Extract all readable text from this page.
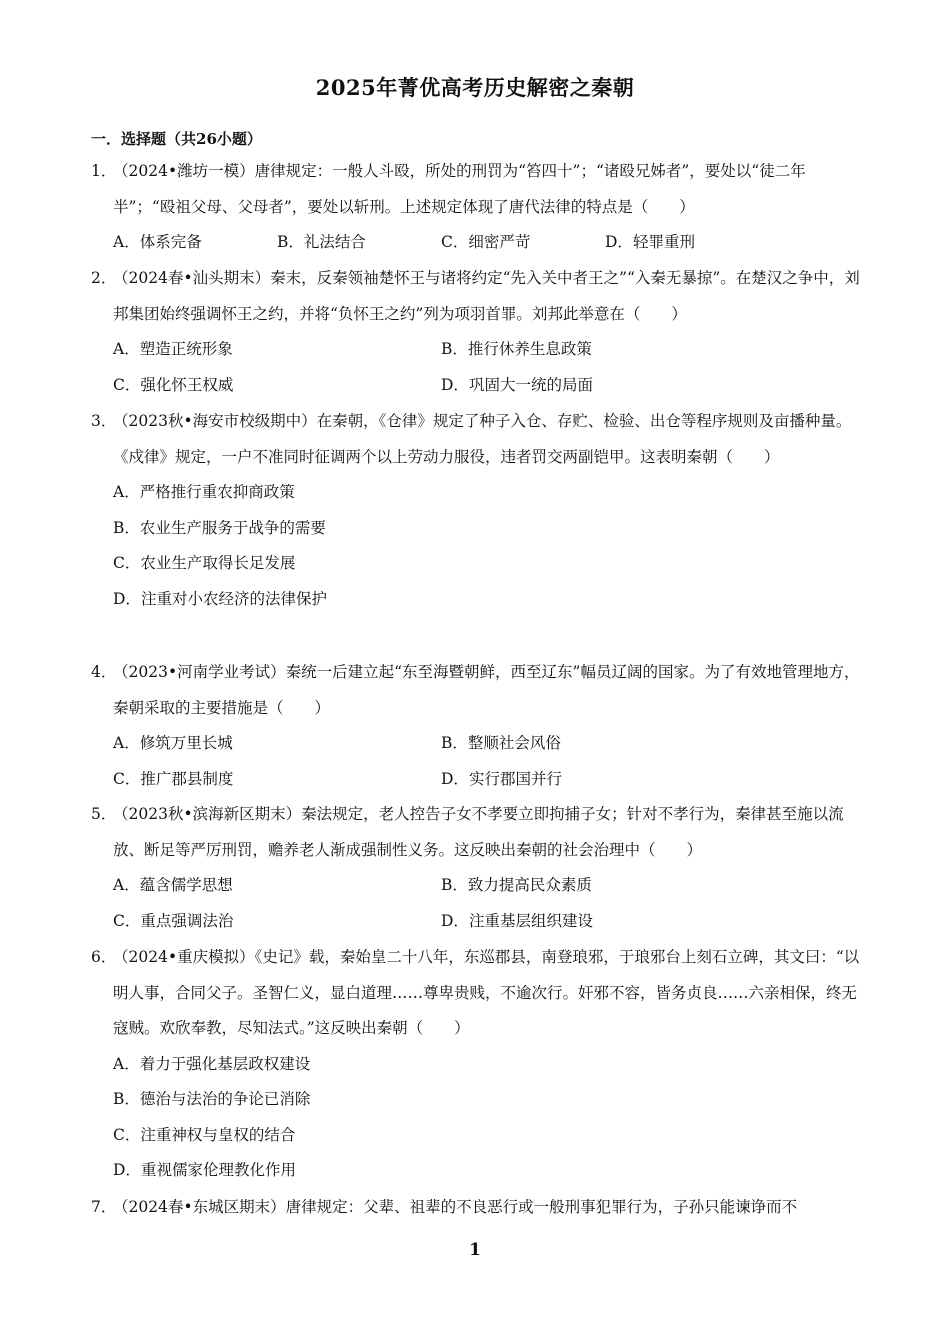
2025年菁优高考历史解密之秦朝
一．选择题（共26小题）
1．
（2024•潍坊一模）唐律规定：一般人斗殴，所处的刑罚为“笞四十”；“诸殴兄姊者”，要处以“徒二年半”；“殴祖父母、父母者”，要处以斩刑。上述规定体现了唐代法律的特点是（　　）
A．体系完备	B．礼法结合	C．细密严苛	D．轻罪重刑
2．
（2024春•汕头期末）秦末，反秦领袖楚怀王与诸将约定“先入关中者王之”“入秦无暴掠”。在楚汉之争中，刘邦集团始终强调怀王之约，并将“负怀王之约”列为项羽首罪。刘邦此举意在（　　）
A．塑造正统形象	B．推行休养生息政策
C．强化怀王权威	D．巩固大一统的局面
3．
（2023秋•海安市校级期中）在秦朝，《仓律》规定了种子入仓、存贮、检验、出仓等程序规则及亩播种量。《戍律》规定，一户不准同时征调两个以上劳动力服役，违者罚交两副铠甲。这表明秦朝（　　）
A．严格推行重农抑商政策
B．农业生产服务于战争的需要
C．农业生产取得长足发展
D．注重对小农经济的法律保护
4．
（2023•河南学业考试）秦统一后建立起“东至海暨朝鲜，西至辽东”幅员辽阔的国家。为了有效地管理地方，秦朝采取的主要措施是（　　）
A．修筑万里长城	B．整顺社会风俗
C．推广郡县制度	D．实行郡国并行
5．
（2023秋•滨海新区期末）秦法规定，老人控告子女不孝要立即拘捕子女；针对不孝行为，秦律甚至施以流放、断足等严厉刑罚，赡养老人渐成强制性义务。这反映出秦朝的社会治理中（　　）
A．蕴含儒学思想	B．致力提高民众素质
C．重点强调法治	D．注重基层组织建设
6．
（2024•重庆模拟）《史记》载，秦始皇二十八年，东巡郡县，南登琅邪，于琅邪台上刻石立碑，其文曰：“以明人事，合同父子。圣智仁义，显白道理……尊卑贵贱，不逾次行。奸邪不容，皆务贞良……六亲相保，终无寇贼。欢欣奉教，尽知法式。”这反映出秦朝（　　）
A．着力于强化基层政权建设
B．德治与法治的争论已消除
C．注重神权与皇权的结合
D．重视儒家伦理教化作用
7．
（2024春•东城区期末）唐律规定：父辈、祖辈的不良恶行或一般刑事犯罪行为，子孙只能谏诤而不
1
